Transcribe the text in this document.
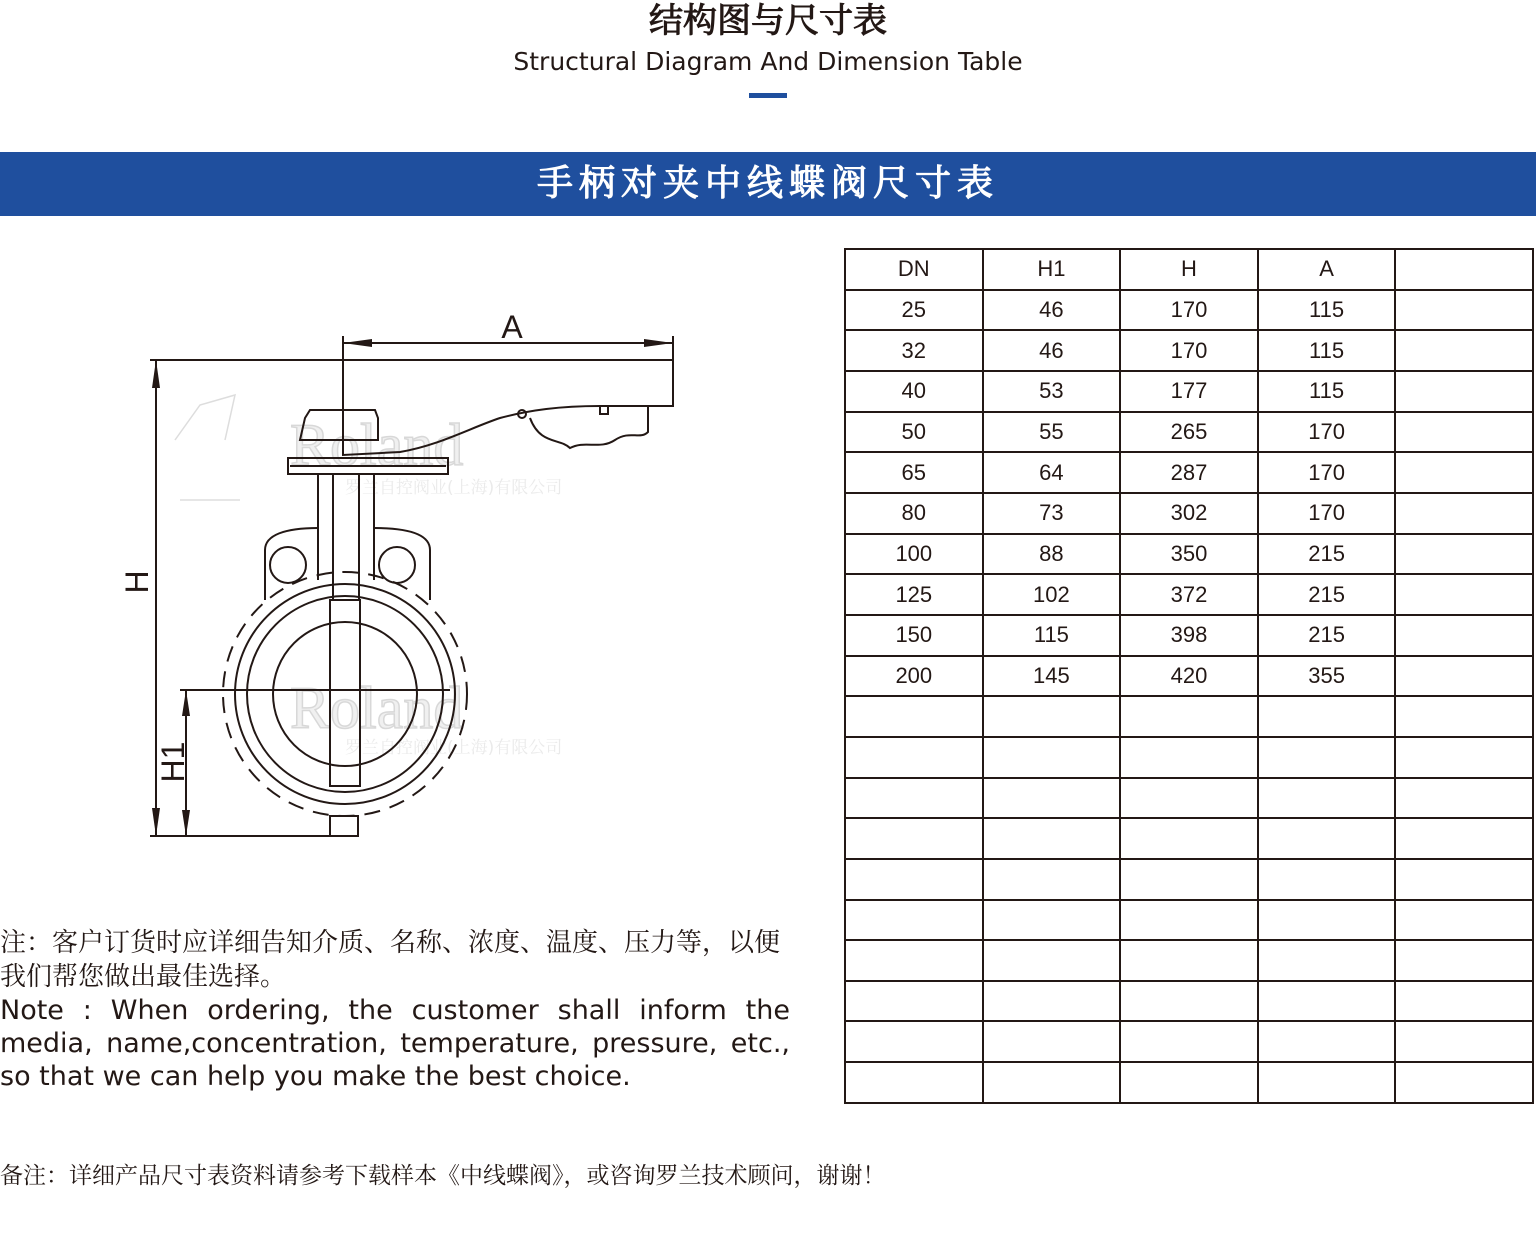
结构图与尺寸表
Structural Diagram And Dimension Table
手柄对夹中线蝶阀尺寸表
Roland
罗兰自控阀业(上海)有限公司
Roland
罗兰自控阀业(上海)有限公司
A
H
H1
DN	H1	H	A	
25	46	170	115	
32	46	170	115	
40	53	177	115	
50	55	265	170	
65	64	287	170	
80	73	302	170	
100	88	350	215	
125	102	372	215	
150	115	398	215	
200	145	420	355	

注：客户订货时应详细告知介质、名称、浓度、温度、压力等，以便我们帮您做出最佳选择。
Note : When ordering, the customer shall inform the media, name,concentration, temperature, pressure, etc., so that we can help you make the best choice.
备注：详细产品尺寸表资料请参考下载样本《中线蝶阀》，或咨询罗兰技术顾问，谢谢！
